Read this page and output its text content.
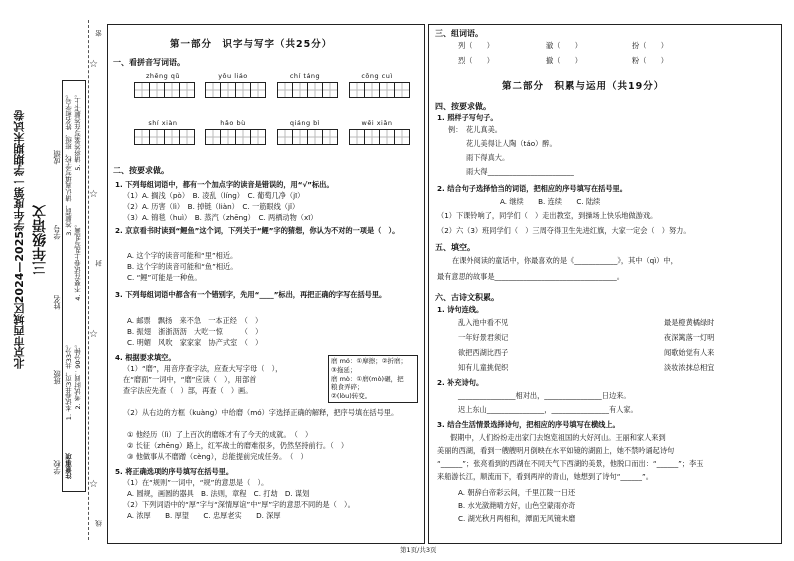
☆
☆
☆
☆
密
封
线
北京市西城区2024—2025学年度第一学期期末试卷 三年级语文
学校
班级
姓名
学号
成绩
注意事项
1. 本试卷共3页，共33分。 2. 考试时间：90分钟。
3. 答题前，请认真填写学校、班级、姓名和学号。
4. 不要在试卷上乱写乱画。
5. 请将答案写在答题卡上。
第一部分　识字与写字（共25分）
一、看拼音写词语。
zhēng qǔ	yǒu liáo	chí táng	cōng cuì
shí xiàn	hǎo bù	qiáng bì	wēi xiǎn
二、按要求做。
1. 下列每组词语中，都有一个加点字的读音是错误的，用“√”标出。
（1）A. 搁浅（pò）　B. 凌乱（líng）　C. 葡萄几净（jī）
（2）A. 历害（lì）　B. 掉链（liàn）　C. 一筋眼线（jǐ）
（3）A. 锦毯（huì）　B. 蒸汽（zhēng）　C. 两栖动物（xī）
2. 京京看书时读到“鲤鱼”这个词，下列关于“鲤”字的猜想，你认为不对的一项是（　）。
A. 这个字的读音可能和“里”相近。
B. 这个字的读音可能和“鱼”相近。
C. “鲤”可能是一种鱼。
3. 下列每组词语中都含有一个错别字，先用“____”标出，再把正确的字写在括号里。
A. 邮票　飘扬　来不急　一本正经　（　）
B. 振翅　浙浙沥沥　大吃一惊　　　（　）
C. 明媚　风吹　家家家　协产式室　（　）
4. 根据要求填空。
（1）“磨”，用音序查字法，应查大写字母（　），
在“磨面”一词中，“磨”应读（　），用部首
查字法应先查（　）部，再查（　）画。
磨 mó：①摩擦；②折磨；
③拖延；
磨 mò：①磨(mò)碾，把
粮食弄碎；
②(lòu)转变。
（2）从右边的方框（kuàng）中给磨（mó）字选择正确的解释，把序号填在括号里。
① 他经历（lì）了上百次的磨练才有了今天的成就。　（　）
② 长征（zhēng）路上，红军战士的磨难很多，仍然坚持前行。（　）
③ 他做事从不磨蹭（cèng），总能提前完成任务。　（　）
5. 将正确选项的序号填写在括号里。
（1）在“规则”一词中，“规”的意思是（　）。
A. 圆规，画圆的器具　B. 法则，章程　C. 打劫　D. 谋划
（2）下列词语中的“厚”字与“深情厚谊”中“厚”字的意思不同的是（　）。
A. 浓厚　　B. 厚望　　C. 忠厚老实　　D. 深厚
三、组词语。
列（　　）	澈（　　）	扮（　　）
烈（　　）	撤（　　）	粉（　　）
第二部分　积累与运用（共19分）
四、按要求做。
1. 照样子写句子。
例： 花儿真美。
花儿美得让人陶（táo）醉。
雨下得真大。
雨大得________________________
2. 结合句子选择恰当的词语，把相应的序号填写在括号里。
A. 继续　　B. 连续　　C. 陆续
（1）下课铃响了，同学们（　）走出教室，到操场上快乐地做游戏。
（2）六（3）班同学们（　）三周夺得卫生先进红旗，大家一定会（　）努力。
五、填空。
在课外阅读的童话中，你最喜欢的是《____________》，其中（qì）中，
最有意思的故事是__________________________________。
六、古诗文积累。
1. 诗句连线。
乱入池中看不见
一年好景君须记
欲把西湖比西子
知有儿童挑促织
最是橙黄橘绿时
夜深篱落一灯明
闻歌始觉有人来
淡妆浓抹总相宜
2. 补充诗句。
________________相对出，________________日边来。
迟上东山________________，________________有人家。
3. 结合生活情景选择诗句，把相应的序号填写在横线上。
假期中，人们纷纷走出家门去饱览祖国的大好河山。王丽和家人来到
美丽的西湖，看到一艘艘明月倒映在水平如镜的湖面上，她不禁吟诵起诗句
“______”；张亮看到的西湖在不同天气下西湖的美景，他脱口而出：“______”；李玉
来船游长江，顺流而下，看到两岸的青山，她想到了诗句“______”。
A. 朝辞白帝彩云间，千里江陵一日还
B. 水光潋滟晴方好，山色空蒙雨亦奇
C. 湖光秋月两相和，潭面无风镜未磨
第1页/共3页
